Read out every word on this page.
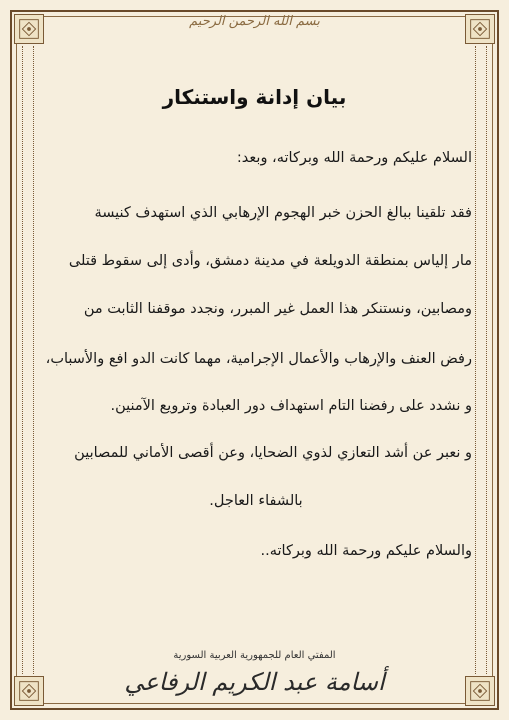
بسم الله الرحمن الرحيم
بيان إدانة واستنكار
السلام عليكم ورحمة الله وبركاته، وبعد:
فقد تلقينا ببالغ الحزن خبر الهجوم الإرهابي الذي استهدف كنيسة
مار إلياس بمنطقة الدويلعة في مدينة دمشق، وأدى إلى سقوط قتلى
ومصابين، ونستنكر هذا العمل غير المبرر، ونجدد موقفنا الثابت من
رفض العنف والإرهاب والأعمال الإجرامية، مهما كانت الدو افع والأسباب،
و نشدد على رفضنا التام استهداف دور العبادة وترويع الآمنين.
و نعبر عن أشد التعازي لذوي الضحايا، وعن أقصى الأماني للمصابين
بالشفاء العاجل.
والسلام عليكم ورحمة الله وبركاته..
المفتي العام للجمهورية العربية السورية
أسامة عبد الكريم الرفاعي
